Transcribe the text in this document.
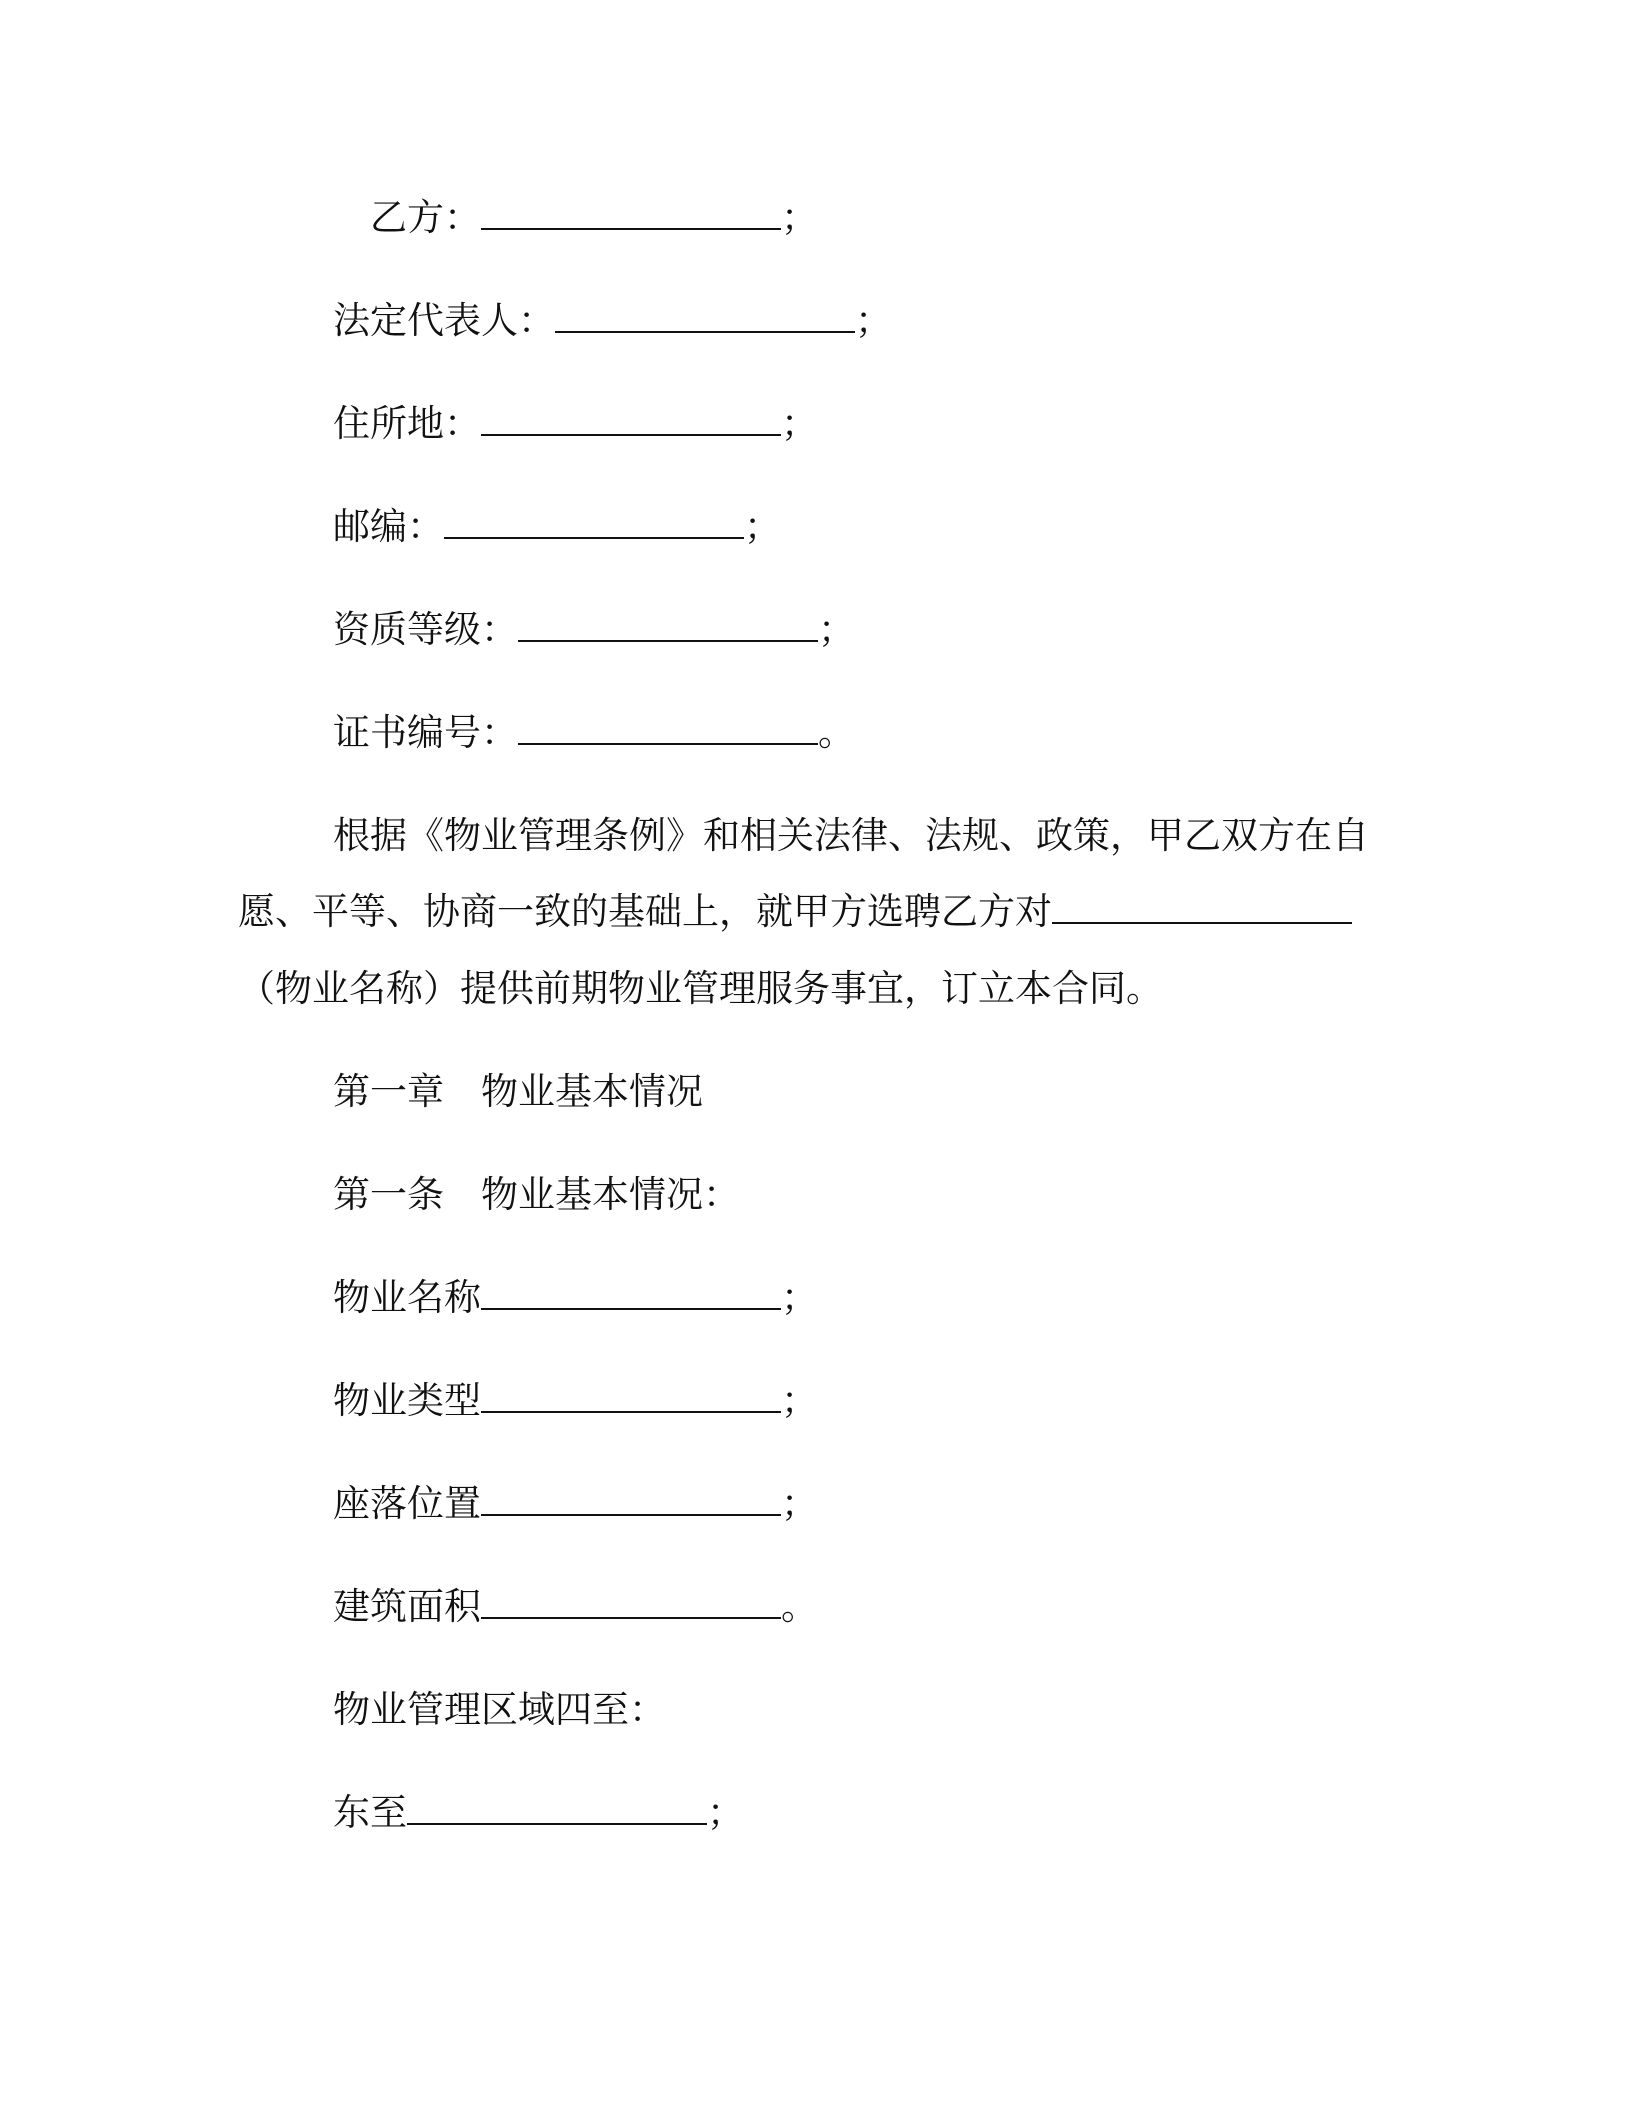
乙方：	；
法定代表人：	；
住所地：	；
邮编：	；
资质等级：	；
证书编号：	。
根据《物业管理条例》和相关法律、法规、政策，甲乙双方在自
愿、平等、协商一致的基础上，就甲方选聘乙方对
（物业名称）提供前期物业管理服务事宜，订立本合同。
第一章　物业基本情况
第一条　物业基本情况：
物业名称	；
物业类型	；
座落位置	；
建筑面积	。
物业管理区域四至：
东至	；
